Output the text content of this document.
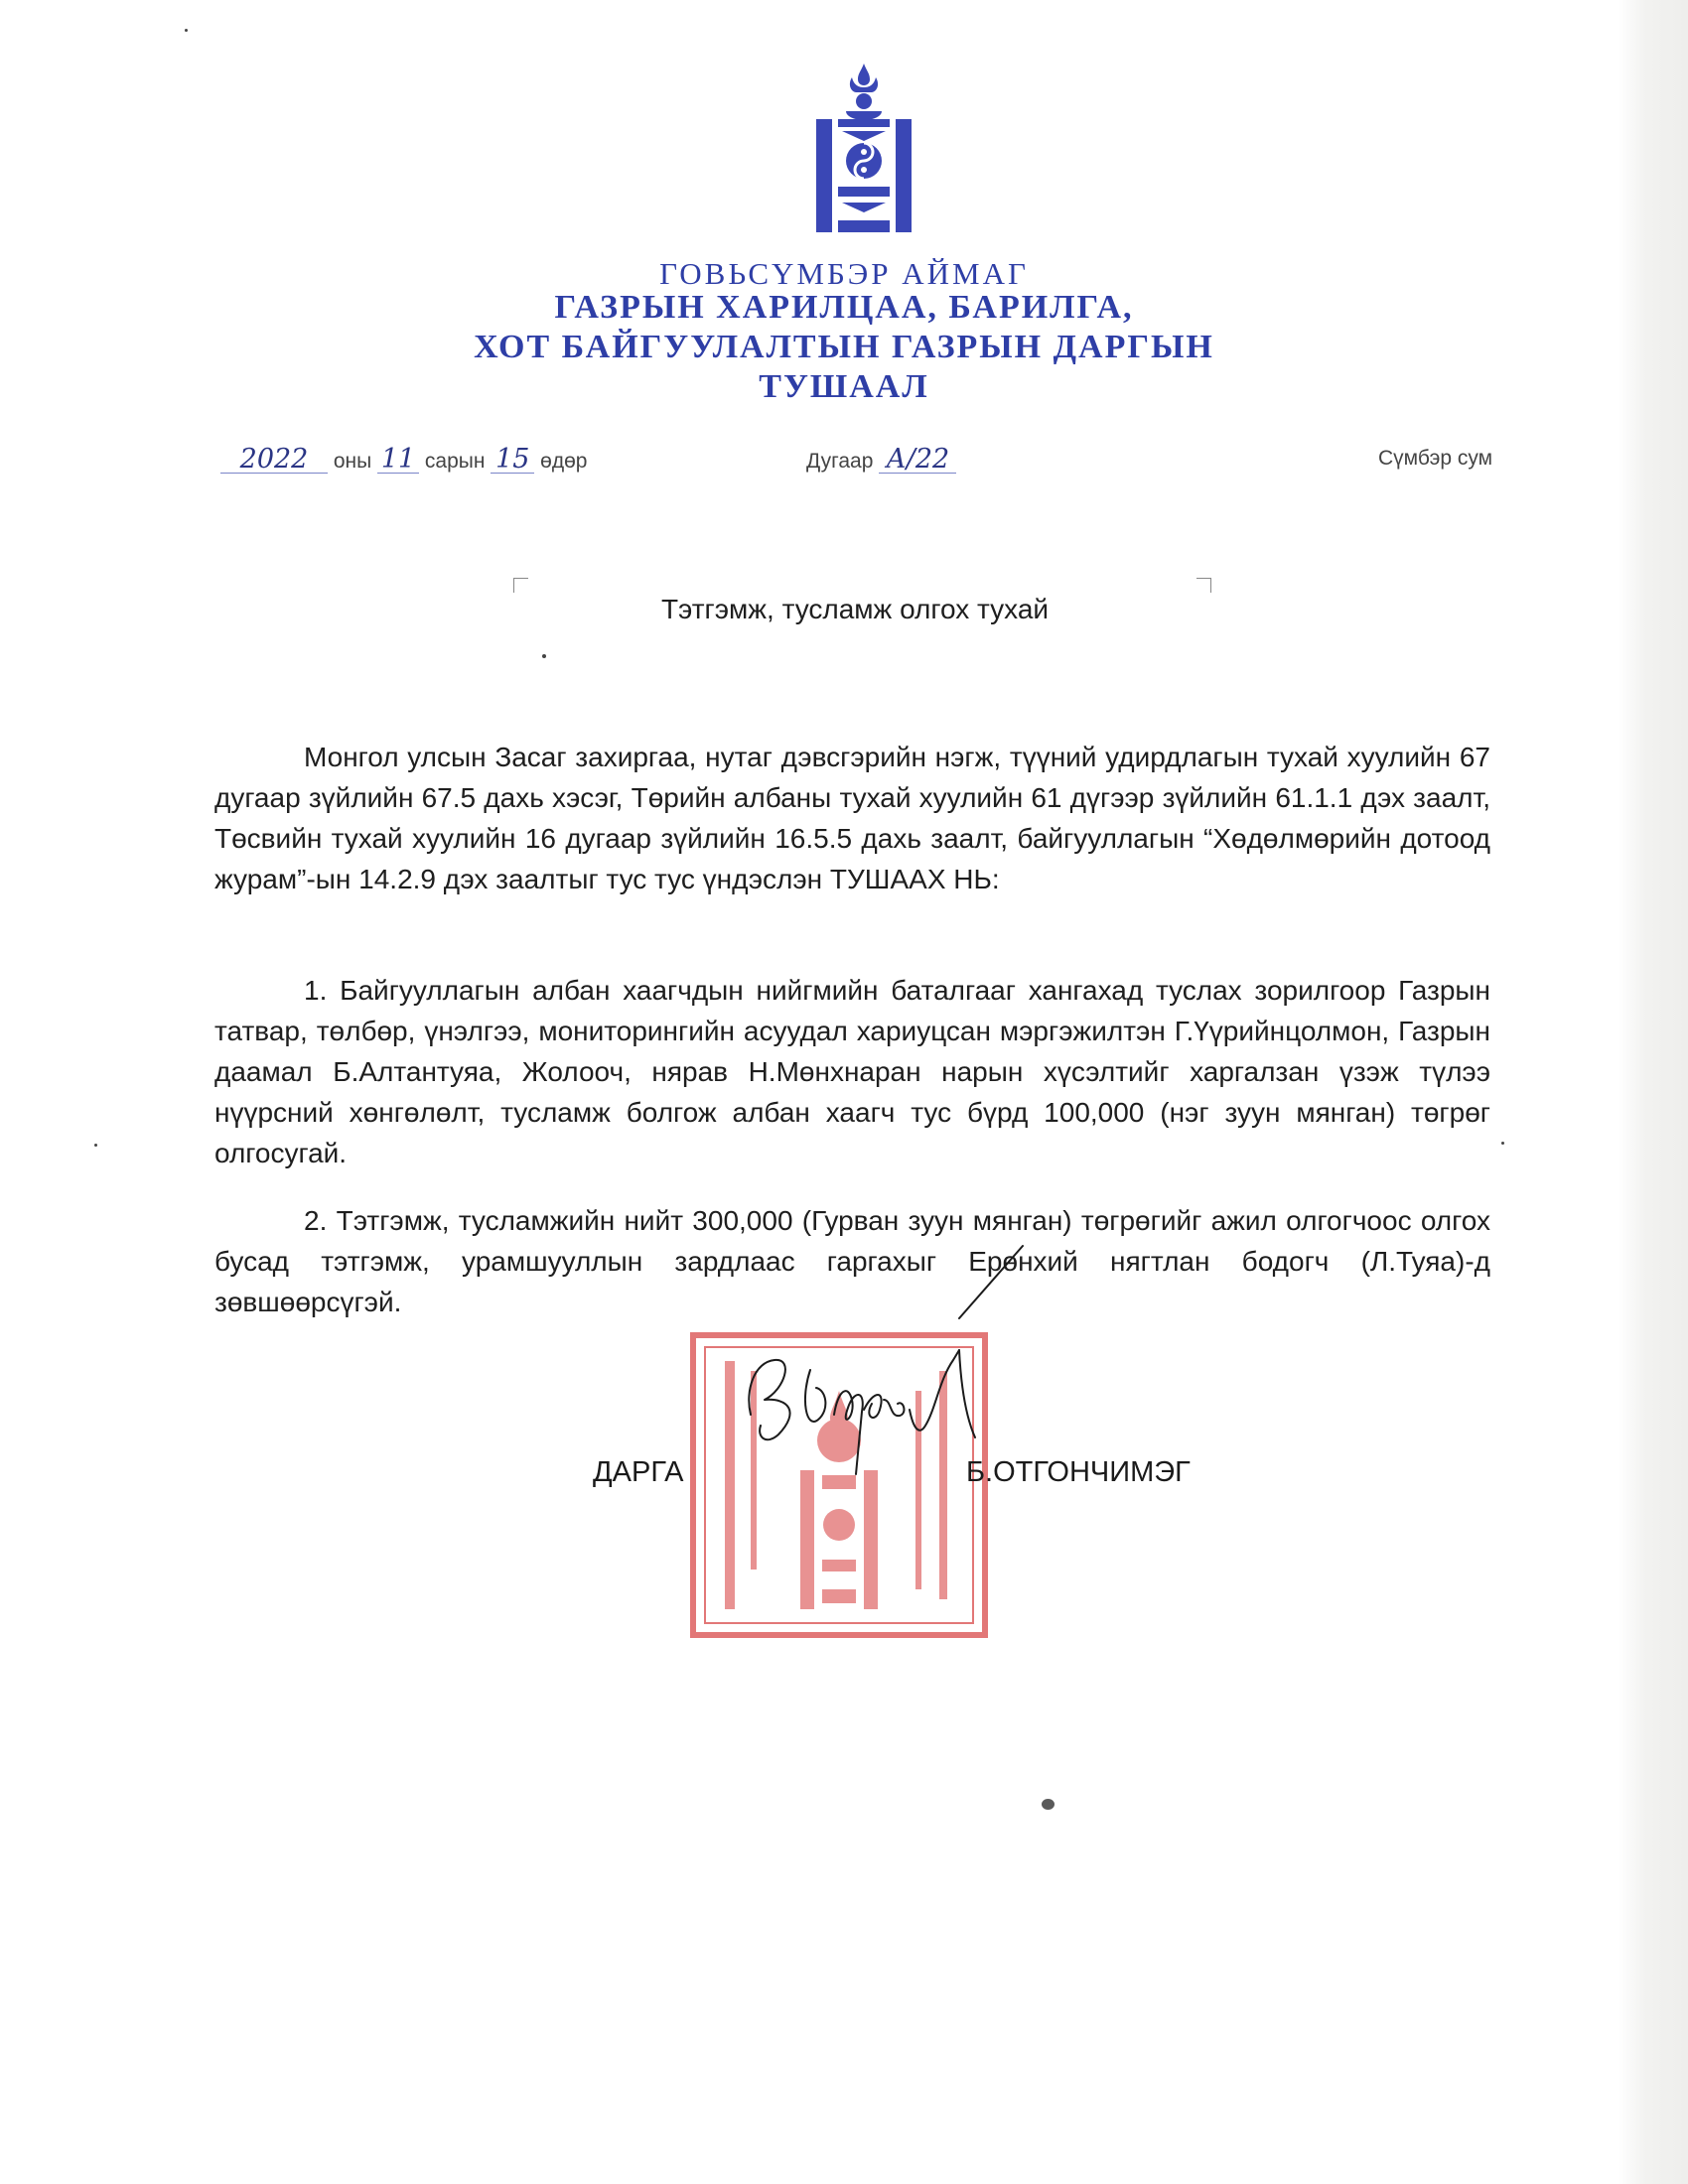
ГОВЬСҮМБЭР АЙМАГ
ГАЗРЫН ХАРИЛЦАА, БАРИЛГА,
ХОТ БАЙГУУЛАЛТЫН ГАЗРЫН ДАРГЫН
ТУШААЛ
2022 оны 11 сарын 15 өдөр	Дугаар А/22	Сүмбэр сум
Тэтгэмж, тусламж олгох тухай
Монгол улсын Засаг захиргаа, нутаг дэвсгэрийн нэгж, түүний удирдлагын тухай хуулийн 67 дугаар зүйлийн 67.5 дахь хэсэг, Төрийн албаны тухай хуулийн 61 дүгээр зүйлийн 61.1.1 дэх заалт, Төсвийн тухай хуулийн 16 дугаар зүйлийн 16.5.5 дахь заалт, байгууллагын “Хөдөлмөрийн дотоод журам”-ын 14.2.9 дэх заалтыг тус тус үндэслэн ТУШААХ НЬ:
1. Байгууллагын албан хаагчдын нийгмийн баталгааг хангахад туслах зорилгоор Газрын татвар, төлбөр, үнэлгээ, мониторингийн асуудал хариуцсан мэргэжилтэн Г.Үүрийнцолмон, Газрын даамал Б.Алтантуяа, Жолооч, нярав Н.Мөнхнаран нарын хүсэлтийг харгалзан үзэж түлээ нүүрсний хөнгөлөлт, тусламж болгож албан хаагч тус бүрд 100,000 (нэг зуун мянган) төгрөг олгосугай.
2. Тэтгэмж, тусламжийн нийт 300,000 (Гурван зуун мянган) төгрөгийг ажил олгогчоос олгох бусад тэтгэмж, урамшууллын зардлаас гаргахыг Ерөнхий нягтлан бодогч (Л.Туяа)-д зөвшөөрсүгэй.
ДАРГА	Б.ОТГОНЧИМЭГ
